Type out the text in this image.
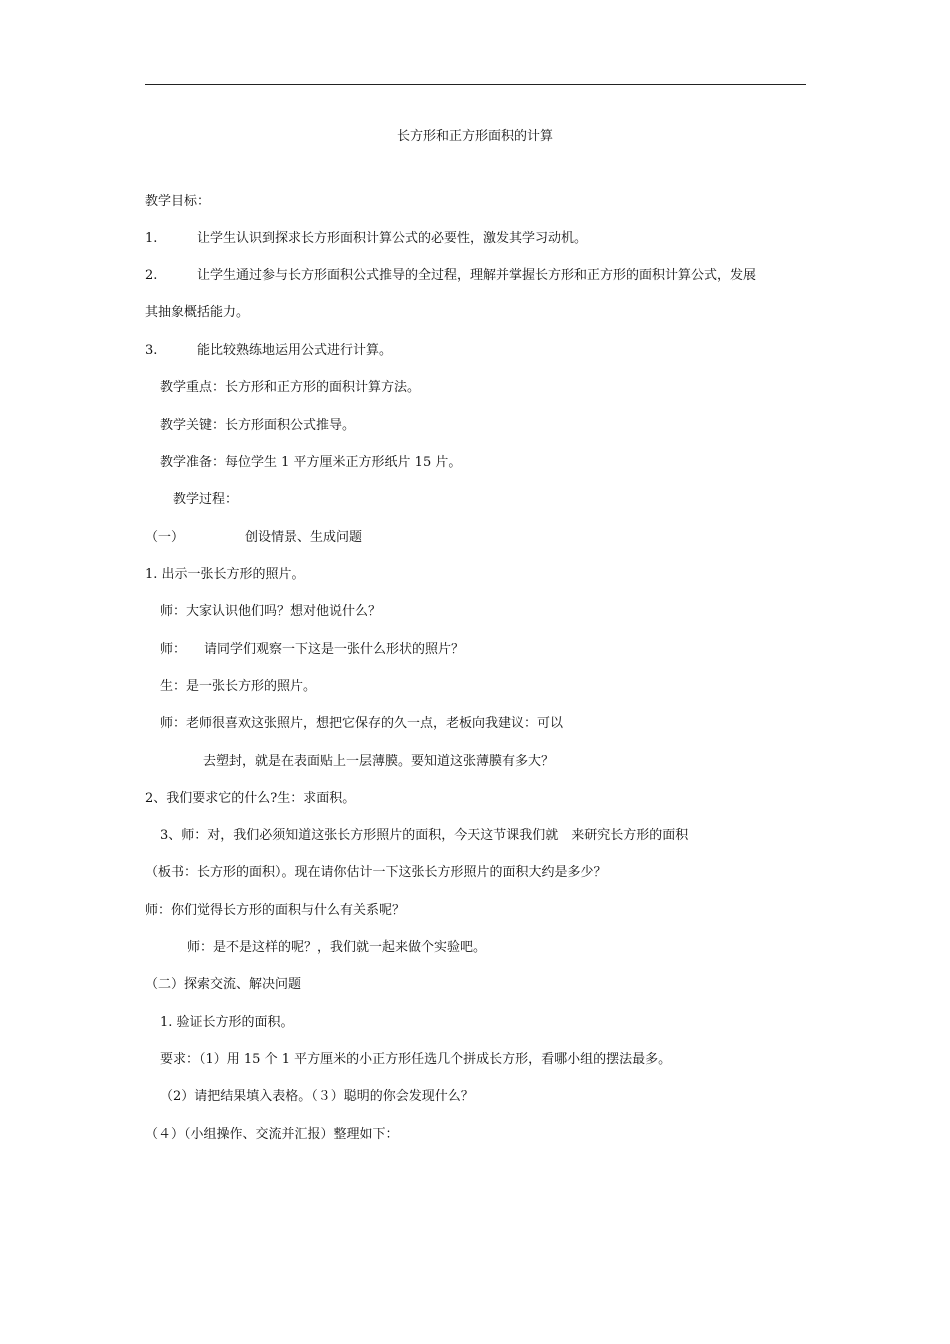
长方形和正方形面积的计算
教学目标：
1.	让学生认识到探求长方形面积计算公式的必要性，激发其学习动机。
2.	让学生通过参与长方形面积公式推导的全过程，理解并掌握长方形和正方形的面积计算公式，发展
其抽象概括能力。
3.	能比较熟练地运用公式进行计算。
教学重点：长方形和正方形的面积计算方法。
教学关键：长方形面积公式推导。
教学准备：每位学生 1 平方厘米正方形纸片 15 片。
教学过程：
（一）	创设情景、生成问题
1. 出示一张长方形的照片。
师：大家认识他们吗？想对他说什么？
师： 请同学们观察一下这是一张什么形状的照片？
生：是一张长方形的照片。
师：老师很喜欢这张照片，想把它保存的久一点，老板向我建议：可以
去塑封，就是在表面贴上一层薄膜。要知道这张薄膜有多大？
2、我们要求它的什么?生：求面积。
3、师：对，我们必须知道这张长方形照片的面积，今天这节课我们就　来研究长方形的面积
（板书：长方形的面积）。现在请你估计一下这张长方形照片的面积大约是多少？
师：你们觉得长方形的面积与什么有关系呢？
师：是不是这样的呢？，我们就一起来做个实验吧。
（二）探索交流、解决问题
1. 验证长方形的面积。
要求：（1）用 15 个 1 平方厘米的小正方形任选几个拼成长方形，看哪小组的摆法最多。
（2）请把结果填入表格。（３）聪明的你会发现什么？
（４）（小组操作、交流并汇报）整理如下：
